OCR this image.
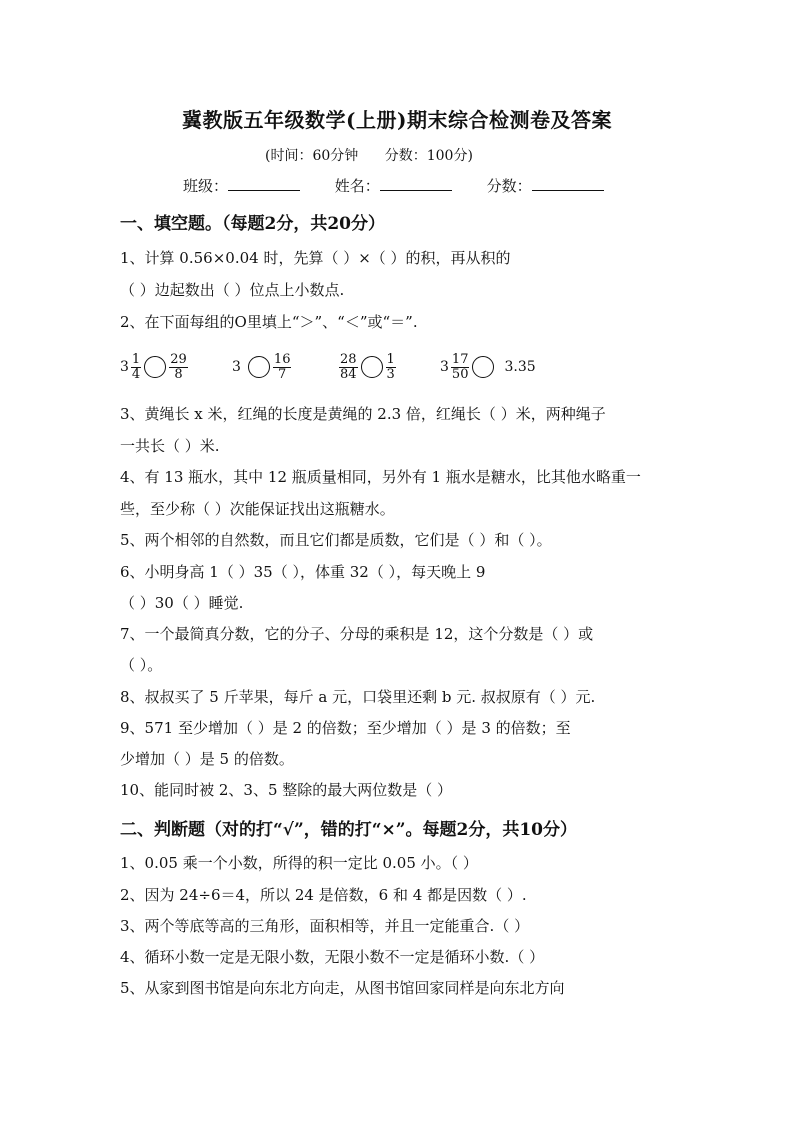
冀教版五年级数学(上册)期末综合检测卷及答案
(时间：60分钟 分数：100分)
班级：	姓名：	分数：
一、填空题。（每题2分，共20分）
1、计算 0.56×0.04 时，先算（ ）×（ ）的积，再从积的
（ ）边起数出（ ）位点上小数点.
2、在下面每组的O里填上“＞”、“＜”或“＝”.
$3 \frac{1}{4} \frac{29}{8}$	$3 \frac{16}{7}$	$\frac{28}{84} \frac{1}{3}$	$3 \frac{17}{50}$	3.35
3、黄绳长 x 米，红绳的长度是黄绳的 2.3 倍，红绳长（ ）米，两种绳子
一共长（ ）米.
4、有 13 瓶水，其中 12 瓶质量相同，另外有 1 瓶水是糖水，比其他水略重一
些，至少称（ ）次能保证找出这瓶糖水。
5、两个相邻的自然数，而且它们都是质数，它们是（ ）和（ ）。
6、小明身高 1（ ）35（ ），体重 32（ ），每天晚上 9
（ ）30（ ）睡觉.
7、一个最简真分数，它的分子、分母的乘积是 12，这个分数是（ ）或
（ ）。
8、叔叔买了 5 斤苹果，每斤 a 元，口袋里还剩 b 元. 叔叔原有（ ）元.
9、571 至少增加（ ）是 2 的倍数；至少增加（ ）是 3 的倍数；至
少增加（ ）是 5 的倍数。
10、能同时被 2、3、5 整除的最大两位数是（ ）
二、判断题（对的打“√”，错的打“×”。每题2分，共10分）
1、0.05 乘一个小数，所得的积一定比 0.05 小。（ ）
2、因为 24÷6＝4，所以 24 是倍数，6 和 4 都是因数（ ）.
3、两个等底等高的三角形，面积相等，并且一定能重合.（ ）
4、循环小数一定是无限小数，无限小数不一定是循环小数.（ ）
5、从家到图书馆是向东北方向走，从图书馆回家同样是向东北方向
